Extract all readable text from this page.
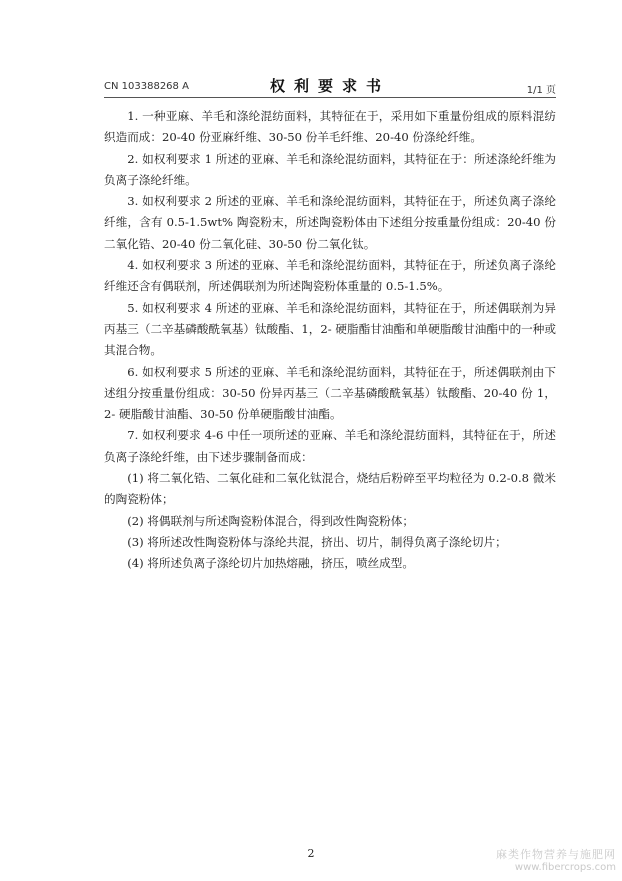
CN 103388268 A	权利要求书	1/1 页

1. 一种亚麻、羊毛和涤纶混纺面料，其特征在于，采用如下重量份组成的原料混纺织造而成：20-40 份亚麻纤维、30-50 份羊毛纤维、20-40 份涤纶纤维。

2. 如权利要求 1 所述的亚麻、羊毛和涤纶混纺面料，其特征在于：所述涤纶纤维为负离子涤纶纤维。

3. 如权利要求 2 所述的亚麻、羊毛和涤纶混纺面料，其特征在于，所述负离子涤纶纤维，含有 0.5-1.5wt% 陶瓷粉末，所述陶瓷粉体由下述组分按重量份组成：20-40 份二氧化锆、20-40 份二氧化硅、30-50 份二氧化钛。

4. 如权利要求 3 所述的亚麻、羊毛和涤纶混纺面料，其特征在于，所述负离子涤纶纤维还含有偶联剂，所述偶联剂为所述陶瓷粉体重量的 0.5-1.5%。

5. 如权利要求 4 所述的亚麻、羊毛和涤纶混纺面料，其特征在于，所述偶联剂为异丙基三（二辛基磷酸酰氧基）钛酸酯、1，2- 硬脂酯甘油酯和单硬脂酸甘油酯中的一种或其混合物。

6. 如权利要求 5 所述的亚麻、羊毛和涤纶混纺面料，其特征在于，所述偶联剂由下述组分按重量份组成：30-50 份异丙基三（二辛基磷酸酰氧基）钛酸酯、20-40 份 1，2- 硬脂酸甘油酯、30-50 份单硬脂酸甘油酯。

7. 如权利要求 4-6 中任一项所述的亚麻、羊毛和涤纶混纺面料，其特征在于，所述负离子涤纶纤维，由下述步骤制备而成：

(1) 将二氧化锆、二氧化硅和二氧化钛混合，烧结后粉碎至平均粒径为 0.2-0.8 微米的陶瓷粉体；

(2) 将偶联剂与所述陶瓷粉体混合，得到改性陶瓷粉体；

(3) 将所述改性陶瓷粉体与涤纶共混，挤出、切片，制得负离子涤纶切片；

(4) 将所述负离子涤纶切片加热熔融，挤压，喷丝成型。

2	麻类作物营养与施肥网
www.fibercrops.com
